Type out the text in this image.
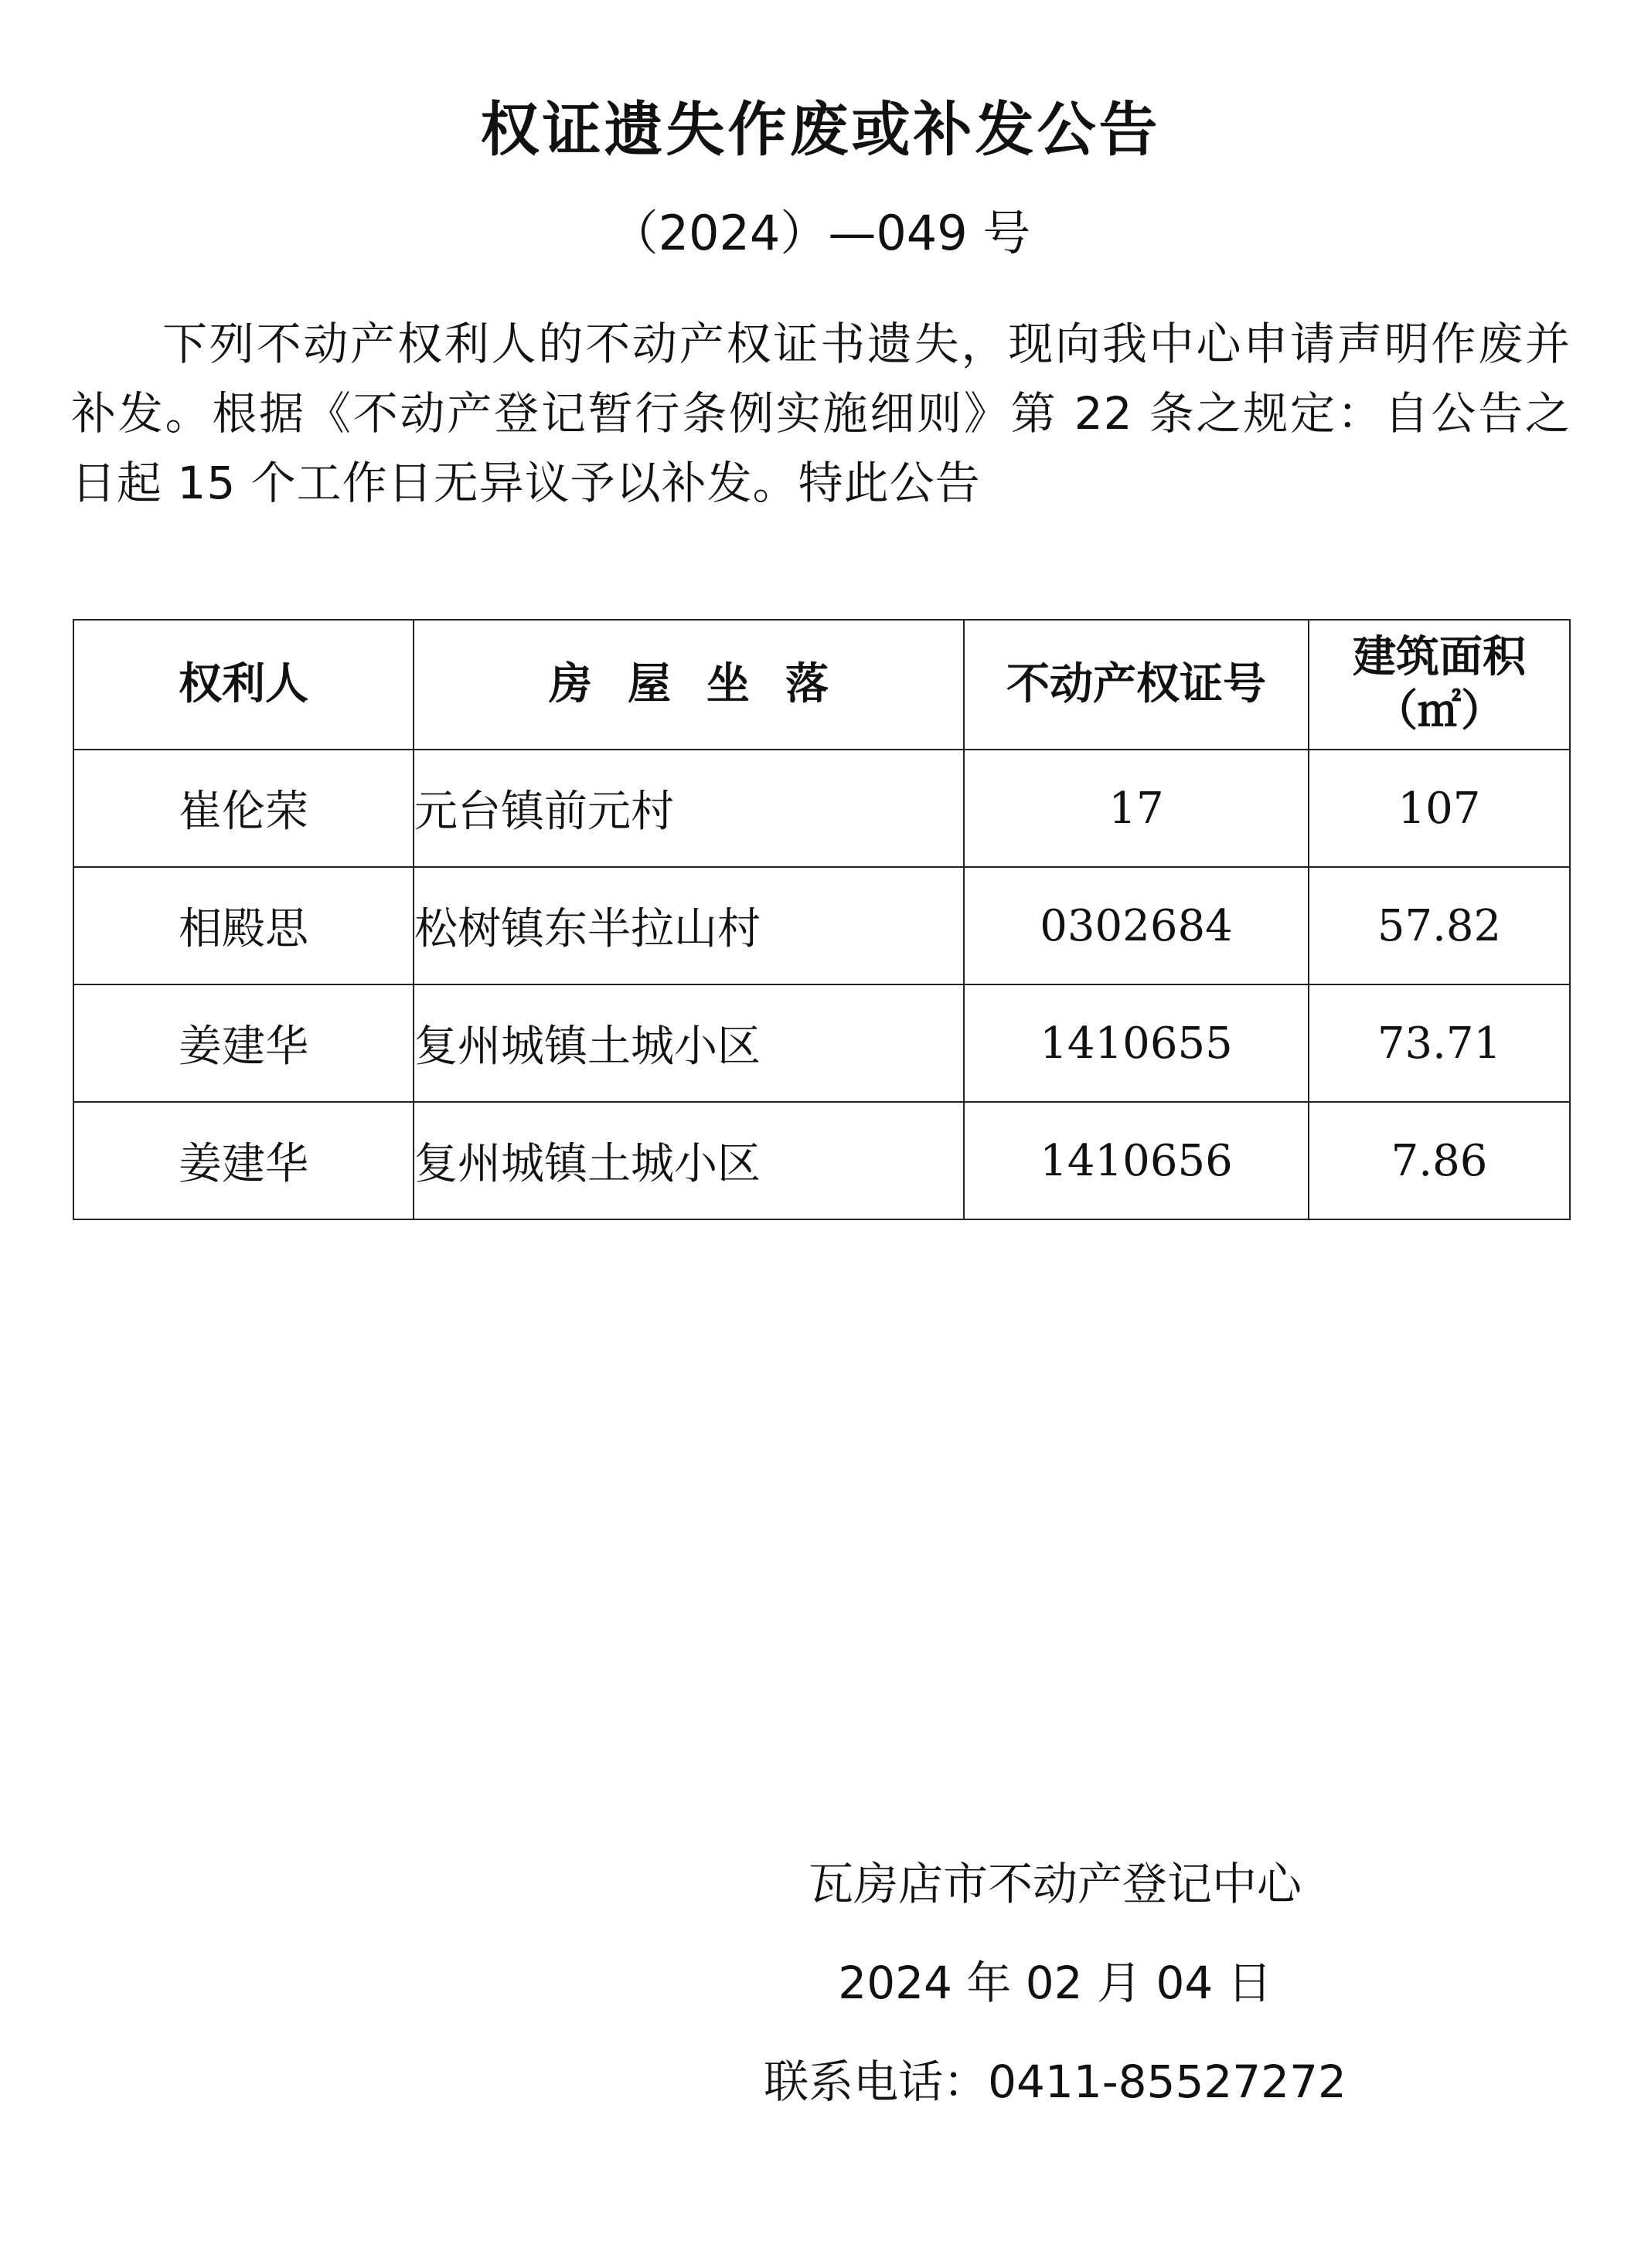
权证遗失作废或补发公告
（2024）—049 号
下列不动产权利人的不动产权证书遗失，现向我中心申请声明作废并补发。根据《不动产登记暂行条例实施细则》第 22 条之规定：自公告之日起 15 个工作日无异议予以补发。特此公告
权利人	房屋坐落	不动产权证号	建筑面积
（㎡）

崔伦荣	元台镇前元村	17	107
相殿思	松树镇东半拉山村	0302684	57.82
姜建华	复州城镇土城小区	1410655	73.71
姜建华	复州城镇土城小区	1410656	7.86
瓦房店市不动产登记中心
2024 年 02 月 04 日
联系电话：0411-85527272
